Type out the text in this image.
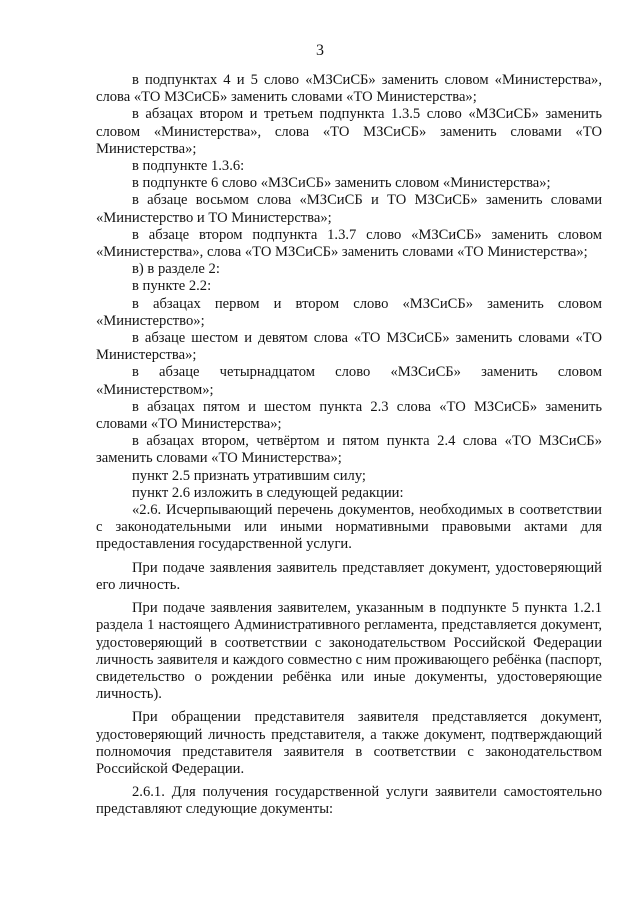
3

в подпунктах 4 и 5 слово «МЗСиСБ» заменить словом «Министерства», слова «ТО МЗСиСБ» заменить словами «ТО Министерства»;

в абзацах втором и третьем подпункта 1.3.5 слово «МЗСиСБ» заменить словом «Министерства», слова «ТО МЗСиСБ» заменить словами «ТО Министерства»;

в подпункте 1.3.6:

в подпункте 6 слово «МЗСиСБ» заменить словом «Министерства»;

в абзаце восьмом слова «МЗСиСБ и ТО МЗСиСБ» заменить словами «Министерство и ТО Министерства»;

в абзаце втором подпункта 1.3.7 слово «МЗСиСБ» заменить словом «Министерства», слова «ТО МЗСиСБ» заменить словами «ТО Министерства»;

в) в разделе 2:

в пункте 2.2:

в абзацах первом и втором слово «МЗСиСБ» заменить словом «Министерство»;

в абзаце шестом и девятом слова «ТО МЗСиСБ» заменить словами «ТО Министерства»;

в абзаце четырнадцатом слово «МЗСиСБ» заменить словом «Министерством»;

в абзацах пятом и шестом пункта 2.3 слова «ТО МЗСиСБ» заменить словами «ТО Министерства»;

в абзацах втором, четвёртом и пятом пункта 2.4 слова «ТО МЗСиСБ» заменить словами «ТО Министерства»;

пункт 2.5 признать утратившим силу;

пункт 2.6 изложить в следующей редакции:

«2.6. Исчерпывающий перечень документов, необходимых в соответствии с законодательными или иными нормативными правовыми актами для предоставления государственной услуги.

При подаче заявления заявитель представляет документ, удостоверяющий его личность.

При подаче заявления заявителем, указанным в подпункте 5 пункта 1.2.1 раздела 1 настоящего Административного регламента, представляется документ, удостоверяющий в соответствии с законодательством Российской Федерации личность заявителя и каждого совместно с ним проживающего ребёнка (паспорт, свидетельство о рождении ребёнка или иные документы, удостоверяющие личность).

При обращении представителя заявителя представляется документ, удостоверяющий личность представителя, а также документ, подтверждающий полномочия представителя заявителя в соответствии с законодательством Российской Федерации.

2.6.1. Для получения государственной услуги заявители самостоятельно представляют следующие документы:
